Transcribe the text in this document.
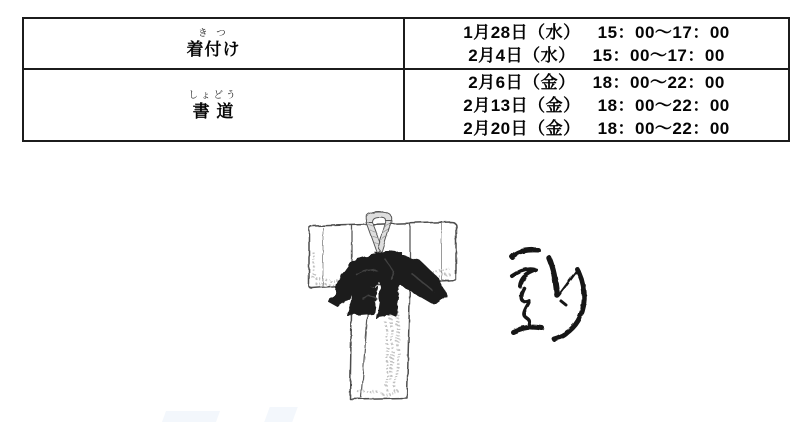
き つ
着付け

1月28日（水） 15：00～17：00
2月4日（水） 15：00～17：00

しょどう
書 道

2月6日（金） 18：00～22：00
2月13日（金） 18：00～22：00
2月20日（金） 18：00～22：00
